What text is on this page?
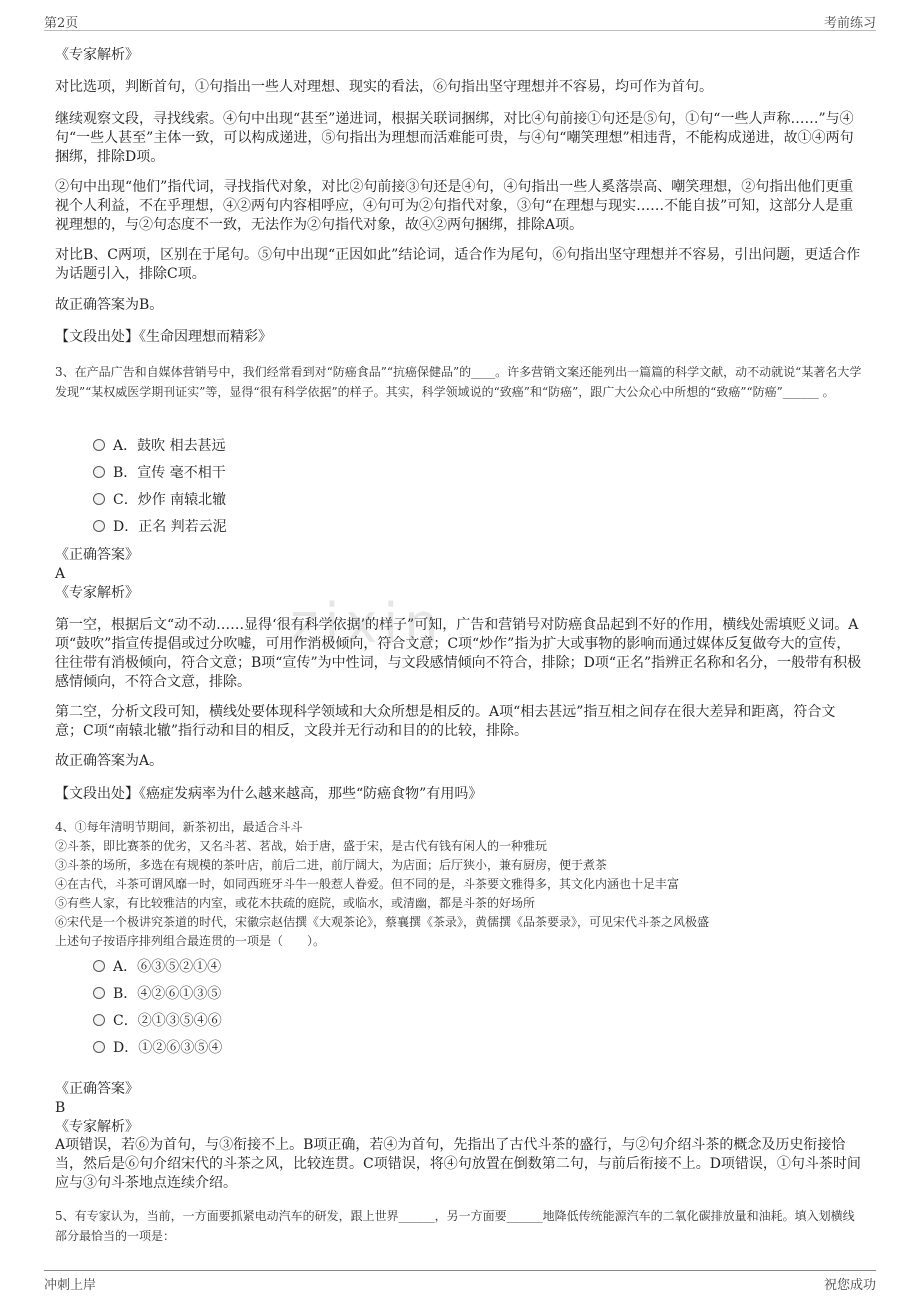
第2页	考前练习
zixin

《专家解析》

对比选项，判断首句，①句指出一些人对理想、现实的看法，⑥句指出坚守理想并不容易，均可作为首句。

继续观察文段，寻找线索。④句中出现“甚至”递进词，根据关联词捆绑，对比④句前接①句还是⑤句，①句“一些人声称……”与④句“一些人甚至”主体一致，可以构成递进，⑤句指出为理想而活难能可贵，与④句“嘲笑理想”相违背，不能构成递进，故①④两句捆绑，排除D项。

②句中出现“他们”指代词，寻找指代对象，对比②句前接③句还是④句，④句指出一些人奚落崇高、嘲笑理想，②句指出他们更重视个人利益，不在乎理想，④②两句内容相呼应，④句可为②句指代对象，③句“在理想与现实……不能自拔”可知，这部分人是重视理想的，与②句态度不一致，无法作为②句指代对象，故④②两句捆绑，排除A项。

对比B、C两项，区别在于尾句。⑤句中出现“正因如此”结论词，适合作为尾句，⑥句指出坚守理想并不容易，引出问题，更适合作为话题引入，排除C项。

故正确答案为B。

【文段出处】《生命因理想而精彩》

3、在产品广告和自媒体营销号中，我们经常看到对“防癌食品”“抗癌保健品”的____。许多营销文案还能列出一篇篇的科学文献，动不动就说“某著名大学发现”“某权威医学期刊证实”等，显得“很有科学依据”的样子。其实，科学领域说的“致癌”和“防癌”，跟广大公众心中所想的“致癌”“防癌”______ 。

A．鼓吹 相去甚远
B．宣传 毫不相干
C．炒作 南辕北辙
D．正名 判若云泥

《正确答案》

A

《专家解析》

第一空，根据后文“动不动……显得‘很有科学依据’的样子”可知，广告和营销号对防癌食品起到不好的作用，横线处需填贬义词。A项“鼓吹”指宣传提倡或过分吹嘘，可用作消极倾向，符合文意；C项“炒作”指为扩大或事物的影响而通过媒体反复做夸大的宣传，往往带有消极倾向，符合文意；B项“宣传”为中性词，与文段感情倾向不符合，排除；D项“正名”指辨正名称和名分，一般带有积极感情倾向，不符合文意，排除。

第二空，分析文段可知，横线处要体现科学领域和大众所想是相反的。A项“相去甚远”指互相之间存在很大差异和距离，符合文意；C项“南辕北辙”指行动和目的相反，文段并无行动和目的的比较，排除。

故正确答案为A。

【文段出处】《癌症发病率为什么越来越高，那些“防癌食物”有用吗》

4、①每年清明节期间，新茶初出，最适合斗斗

②斗茶，即比赛茶的优劣，又名斗茗、茗战，始于唐，盛于宋，是古代有钱有闲人的一种雅玩

③斗茶的场所，多选在有规模的茶叶店，前后二进，前厅阔大，为店面；后厅狭小，兼有厨房，便于煮茶

④在古代，斗茶可谓风靡一时，如同西班牙斗牛一般惹人眷爱。但不同的是，斗茶要文雅得多，其文化内涵也十足丰富

⑤有些人家，有比较雅洁的内室，或花木扶疏的庭院，或临水，或清幽，都是斗茶的好场所

⑥宋代是一个极讲究茶道的时代，宋徽宗赵佶撰《大观茶论》，蔡襄撰《茶录》，黄儒撰《品茶要录》，可见宋代斗茶之风极盛

上述句子按语序排列组合最连贯的一项是（　　）。

A．⑥③⑤②①④
B．④②⑥①③⑤
C．②①③⑤④⑥
D．①②⑥③⑤④

《正确答案》

B

《专家解析》

A项错误，若⑥为首句，与③衔接不上。B项正确，若④为首句，先指出了古代斗茶的盛行，与②句介绍斗茶的概念及历史衔接恰当，然后是⑥句介绍宋代的斗茶之风，比较连贯。C项错误，将④句放置在倒数第二句，与前后衔接不上。D项错误，①句斗茶时间应与③句斗茶地点连续介绍。

5、有专家认为，当前，一方面要抓紧电动汽车的研发，跟上世界______，另一方面要______地降低传统能源汽车的二氧化碳排放量和油耗。填入划横线部分最恰当的一项是：

冲刺上岸	祝您成功
